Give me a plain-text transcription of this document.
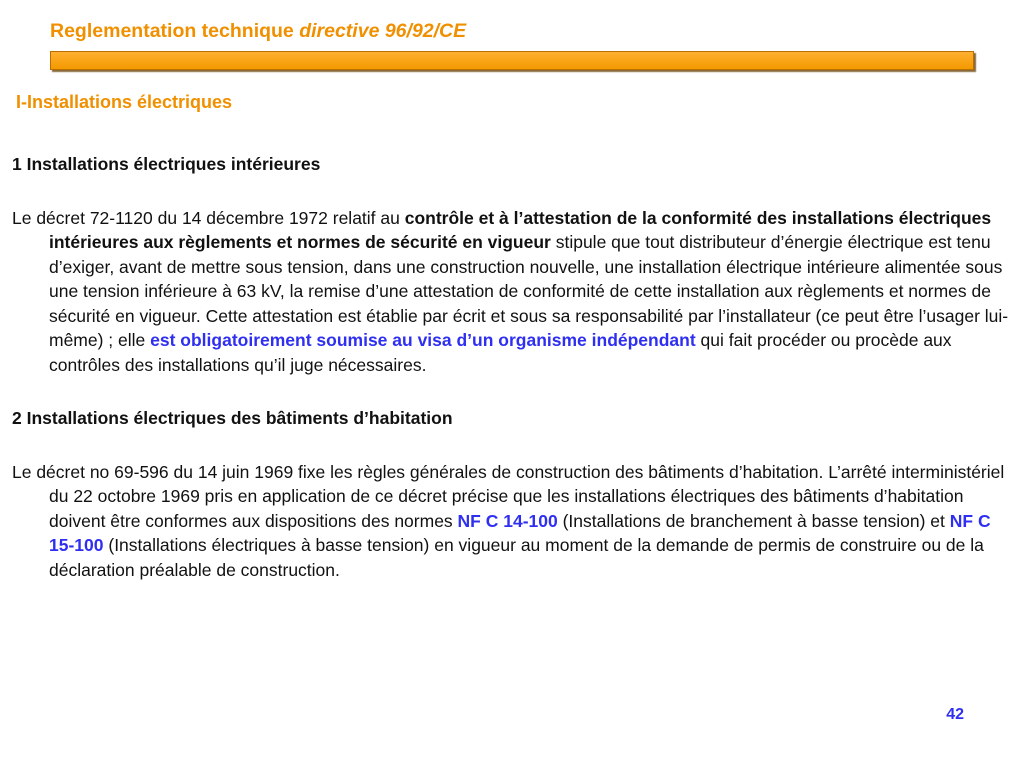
Reglementation technique directive 96/92/CE
I-Installations électriques
1 Installations électriques intérieures
Le décret 72-1120 du 14 décembre 1972 relatif au contrôle et à l’attestation de la conformité des installations électriques intérieures aux règlements et normes de sécurité en vigueur stipule que tout distributeur d’énergie électrique est tenu d’exiger, avant de mettre sous tension, dans une construction nouvelle, une installation électrique intérieure alimentée sous une tension inférieure à 63 kV, la remise d’une attestation de conformité de cette installation aux règlements et normes de sécurité en vigueur. Cette attestation est établie par écrit et sous sa responsabilité par l’installateur (ce peut être l’usager lui-même) ; elle est obligatoirement soumise au visa d’un organisme indépendant qui fait procéder ou procède aux contrôles des installations qu’il juge nécessaires.
2 Installations électriques des bâtiments d’habitation
Le décret no 69-596 du 14 juin 1969 fixe les règles générales de construction des bâtiments d’habitation. L’arrêté interministériel du 22 octobre 1969 pris en application de ce décret précise que les installations électriques des bâtiments d’habitation doivent être conformes aux dispositions des normes NF C 14-100 (Installations de branchement à basse tension) et NF C 15-100 (Installations électriques à basse tension) en vigueur au moment de la demande de permis de construire ou de la déclaration préalable de construction.
42
